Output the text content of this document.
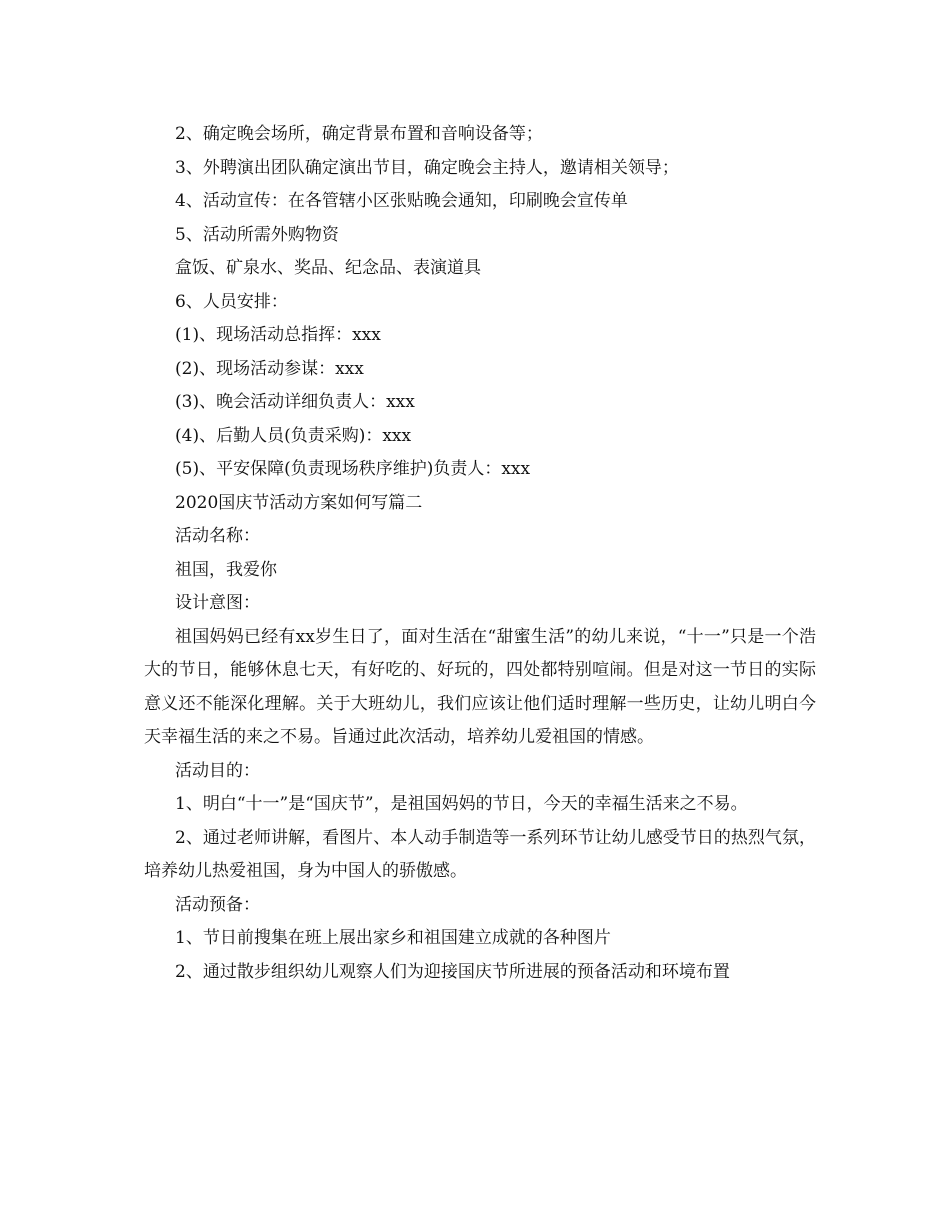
2、确定晚会场所，确定背景布置和音响设备等；
3、外聘演出团队确定演出节目，确定晚会主持人，邀请相关领导；
4、活动宣传：在各管辖小区张贴晚会通知，印刷晚会宣传单
5、活动所需外购物资
盒饭、矿泉水、奖品、纪念品、表演道具
6、人员安排：
(1)、现场活动总指挥：xxx
(2)、现场活动参谋：xxx
(3)、晚会活动详细负责人：xxx
(4)、后勤人员(负责采购)：xxx
(5)、平安保障(负责现场秩序维护)负责人：xxx
2020国庆节活动方案如何写篇二
活动名称：
祖国，我爱你
设计意图：
祖国妈妈已经有xx岁生日了，面对生活在“甜蜜生活”的幼儿来说，“十一”只是一个浩大的节日，能够休息七天，有好吃的、好玩的，四处都特别喧闹。但是对这一节日的实际意义还不能深化理解。关于大班幼儿，我们应该让他们适时理解一些历史，让幼儿明白今天幸福生活的来之不易。旨通过此次活动，培养幼儿爱祖国的情感。
活动目的：
1、明白“十一”是“国庆节”，是祖国妈妈的节日，今天的幸福生活来之不易。
2、通过老师讲解，看图片、本人动手制造等一系列环节让幼儿感受节日的热烈气氛，培养幼儿热爱祖国，身为中国人的骄傲感。
活动预备：
1、节日前搜集在班上展出家乡和祖国建立成就的各种图片
2、通过散步组织幼儿观察人们为迎接国庆节所进展的预备活动和环境布置
